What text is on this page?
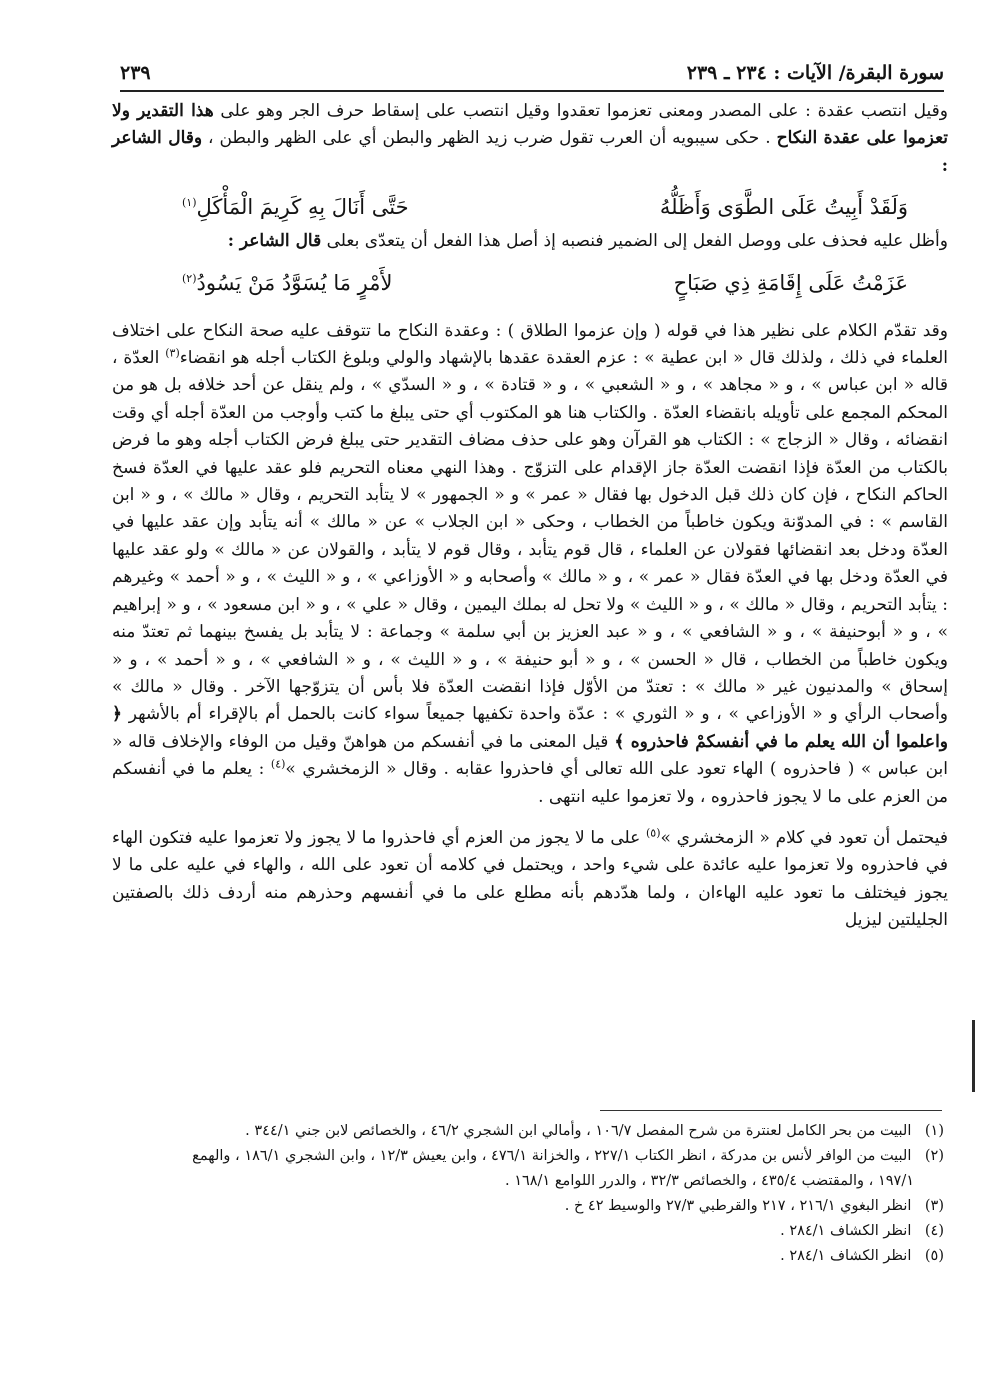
سورة البقرة/ الآيات : ٢٣٤ ـ ٢٣٩
٢٣٩

وقيل انتصب عقدة : على المصدر ومعنى تعزموا تعقدوا وقيل انتصب على إسقاط حرف الجر وهو على هذا التقدير ولا تعزموا على عقدة النكاح . حكى سيبويه أن العرب تقول ضرب زيد الظهر والبطن أي على الظهر والبطن ، وقال الشاعر :

وَلَقَدْ أَبِيتُ عَلَى الطَّوَى وَأَظَلُّهُ
حَتَّى أَنَالَ بِهِ كَرِيمَ الْمَأْكَلِ$^{(١)}$

وأظل عليه فحذف على ووصل الفعل إلى الضمير فنصبه إذ أصل هذا الفعل أن يتعدّى بعلى قال الشاعر :

عَزَمْتُ عَلَى إِقَامَةِ ذِي صَبَاحٍ
لأَمْرٍ مَا يُسَوَّدُ مَنْ يَسُودُ$^{(٢)}$

وقد تقدّم الكلام على نظير هذا في قوله ( وإن عزموا الطلاق ) : وعقدة النكاح ما تتوقف عليه صحة النكاح على اختلاف العلماء في ذلك ، ولذلك قال « ابن عطية » : عزم العقدة عقدها بالإشهاد والولي وبلوغ الكتاب أجله هو انقضاء$^{(٣)}$ العدّة ، قاله « ابن عباس » ، و « مجاهد » ، و « الشعبي » ، و « قتادة » ، و « السدّي » ، ولم ينقل عن أحد خلافه بل هو من المحكم المجمع على تأويله بانقضاء العدّة . والكتاب هنا هو المكتوب أي حتى يبلغ ما كتب وأوجب من العدّة أجله أي وقت انقضائه ، وقال « الزجاج » : الكتاب هو القرآن وهو على حذف مضاف التقدير حتى يبلغ فرض الكتاب أجله وهو ما فرض بالكتاب من العدّة فإذا انقضت العدّة جاز الإقدام على التزوّج . وهذا النهي معناه التحريم فلو عقد عليها في العدّة فسخ الحاكم النكاح ، فإن كان ذلك قبل الدخول بها فقال « عمر » و « الجمهور » لا يتأبد التحريم ، وقال « مالك » ، و « ابن القاسم » : في المدوّنة ويكون خاطباً من الخطاب ، وحكى « ابن الجلاب » عن « مالك » أنه يتأبد وإن عقد عليها في العدّة ودخل بعد انقضائها فقولان عن العلماء ، قال قوم يتأبد ، وقال قوم لا يتأبد ، والقولان عن « مالك » ولو عقد عليها في العدّة ودخل بها في العدّة فقال « عمر » ، و « مالك » وأصحابه و « الأوزاعي » ، و « الليث » ، و « أحمد » وغيرهم : يتأبد التحريم ، وقال « مالك » ، و « الليث » ولا تحل له بملك اليمين ، وقال « علي » ، و « ابن مسعود » ، و « إبراهيم » ، و « أبوحنيفة » ، و « الشافعي » ، و « عبد العزيز بن أبي سلمة » وجماعة : لا يتأبد بل يفسخ بينهما ثم تعتدّ منه ويكون خاطباً من الخطاب ، قال « الحسن » ، و « أبو حنيفة » ، و « الليث » ، و « الشافعي » ، و « أحمد » ، و « إسحاق » والمدنيون غير « مالك » : تعتدّ من الأوّل فإذا انقضت العدّة فلا بأس أن يتزوّجها الآخر . وقال « مالك » وأصحاب الرأي و « الأوزاعي » ، و « الثوري » : عدّة واحدة تكفيها جميعاً سواء كانت بالحمل أم بالإقراء أم بالأشهر ﴿ واعلموا أن الله يعلم ما في أنفسكمْ فاحذروه ﴾ قيل المعنى ما في أنفسكم من هواهنّ وقيل من الوفاء والإخلاف قاله « ابن عباس » ( فاحذروه ) الهاء تعود على الله تعالى أي فاحذروا عقابه . وقال « الزمخشري »$^{(٤)}$ : يعلم ما في أنفسكم من العزم على ما لا يجوز فاحذروه ، ولا تعزموا عليه انتهى .

فيحتمل أن تعود في كلام « الزمخشري »$^{(٥)}$ على ما لا يجوز من العزم أي فاحذروا ما لا يجوز ولا تعزموا عليه فتكون الهاء في فاحذروه ولا تعزموا عليه عائدة على شيء واحد ، ويحتمل في كلامه أن تعود على الله ، والهاء في عليه على ما لا يجوز فيختلف ما تعود عليه الهاءان ، ولما هدّدهم بأنه مطلع على ما في أنفسهم وحذرهم منه أردف ذلك بالصفتين الجليلتين ليزيل

(١) البيت من بحر الكامل لعنترة من شرح المفصل ١٠٦/٧ ، وأمالي ابن الشجري ٤٦/٢ ، والخصائص لابن جني ٣٤٤/١ .

(٢) البيت من الوافر لأنس بن مدركة ، انظر الكتاب ٢٢٧/١ ، والخزانة ٤٧٦/١ ، وابن يعيش ١٢/٣ ، وابن الشجري ١٨٦/١ ، والهمع

١٩٧/١ ، والمقتضب ٤٣٥/٤ ، والخصائص ٣٢/٣ ، والدرر اللوامع ١٦٨/١ .

(٣) انظر البغوي ٢١٦/١ ، ٢١٧ والقرطبي ٢٧/٣ والوسيط ٤٢ خ .

(٤) انظر الكشاف ٢٨٤/١ .

(٥) انظر الكشاف ٢٨٤/١ .
